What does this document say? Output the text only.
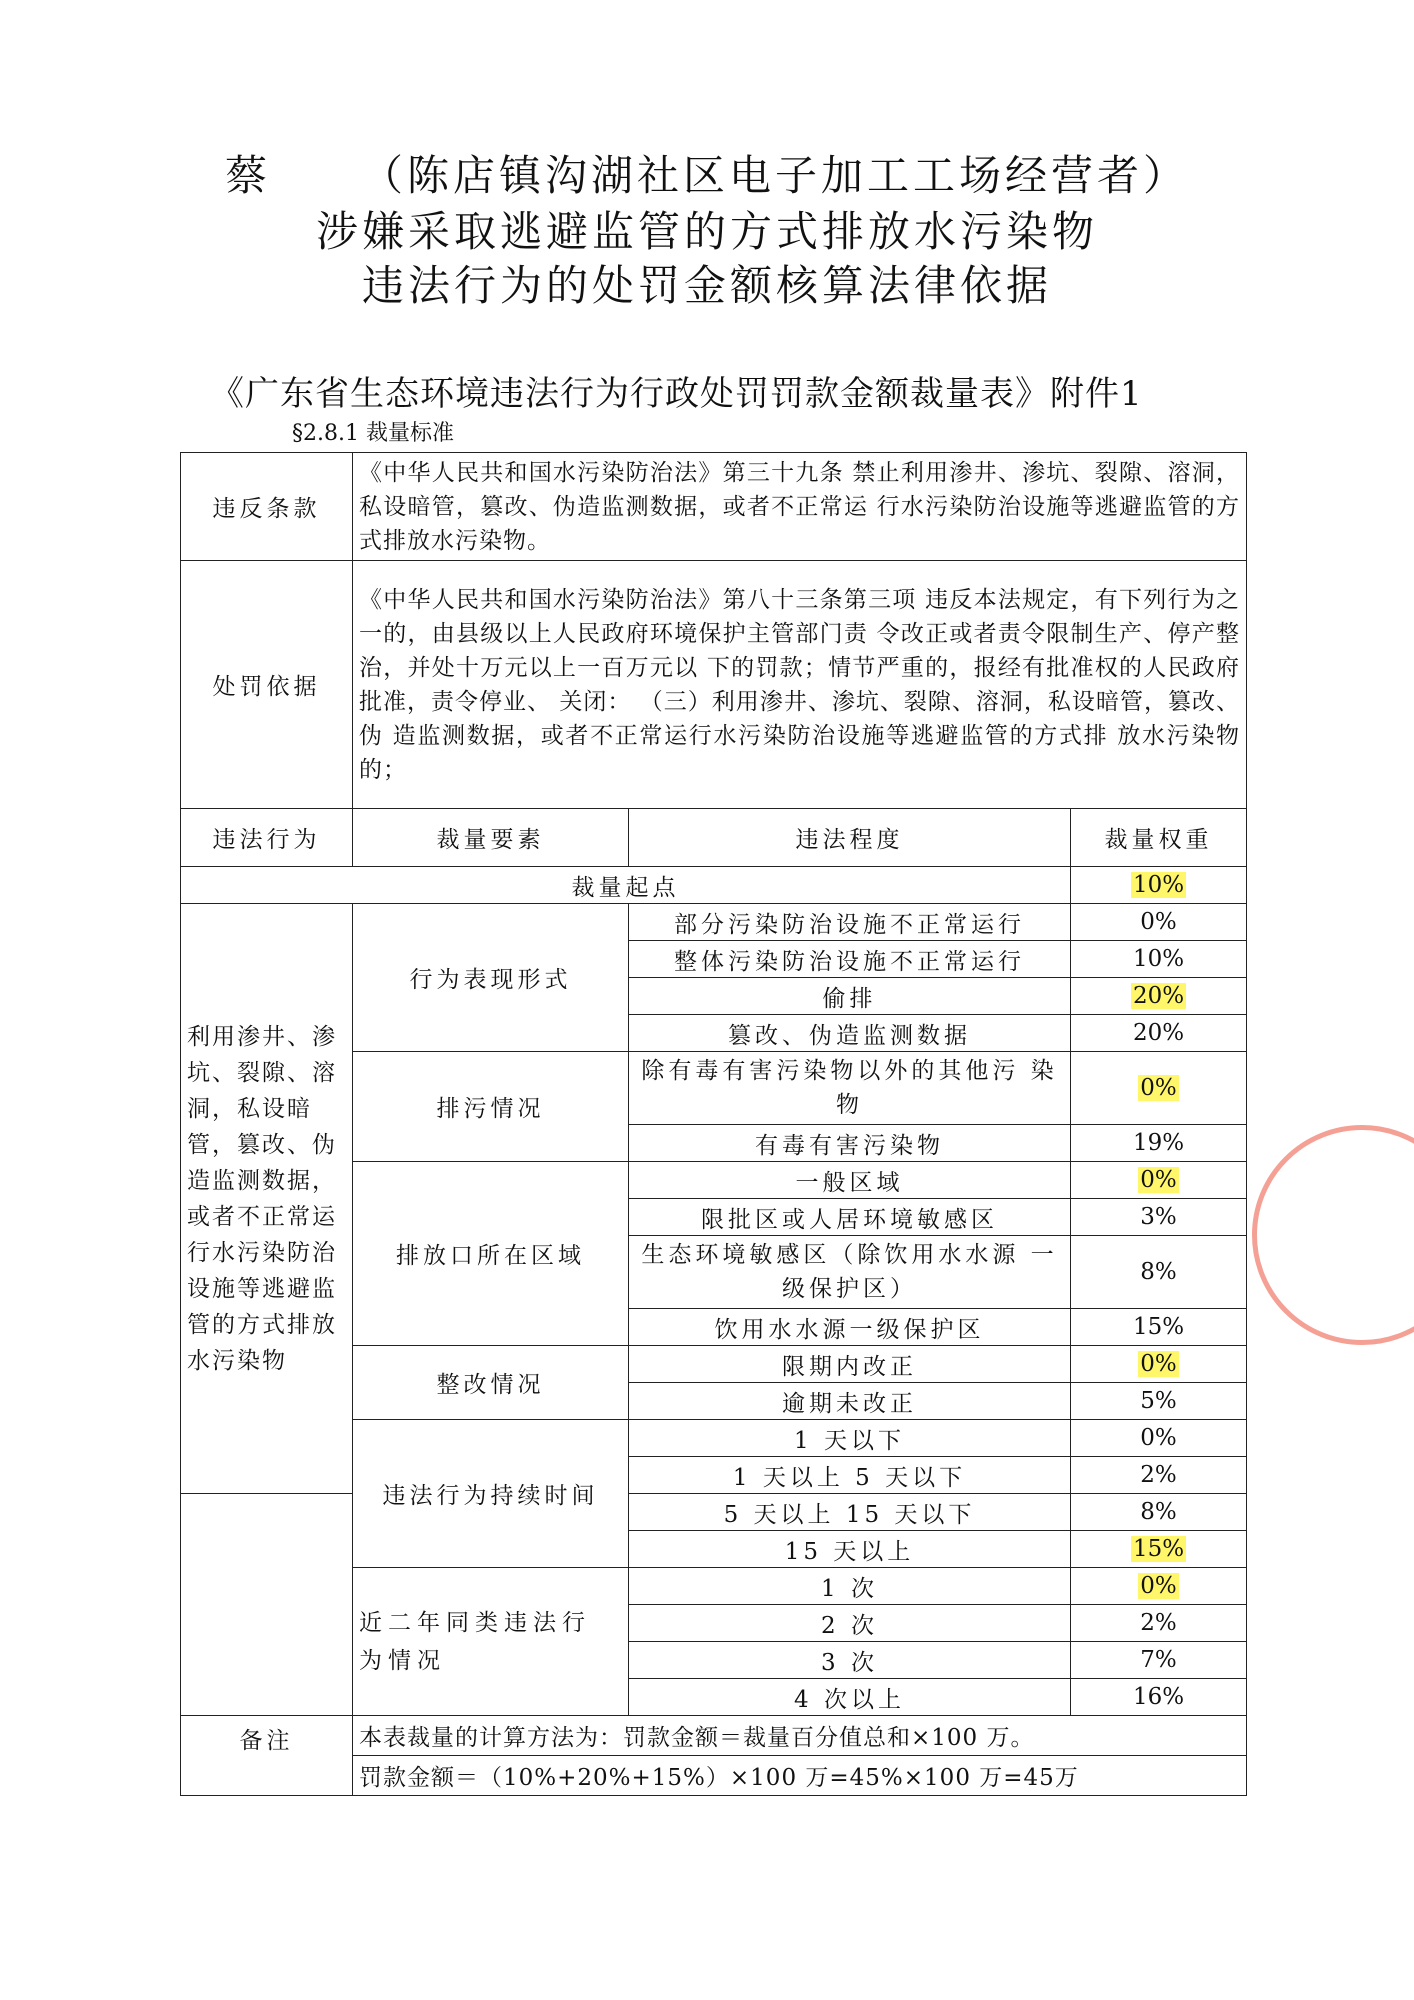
蔡 （陈店镇沟湖社区电子加工工场经营者）
涉嫌采取逃避监管的方式排放水污染物
违法行为的处罚金额核算法律依据
《广东省生态环境违法行为行政处罚罚款金额裁量表》附件1
§2.8.1 裁量标准
违反条款	《中华人民共和国水污染防治法》第三十九条 禁止利用渗井、渗坑、裂隙、溶洞，私设暗管，篡改、伪造监测数据，或者不正常运 行水污染防治设施等逃避监管的方式排放水污染物。		
处罚依据	《中华人民共和国水污染防治法》第八十三条第三项 违反本法规定，有下列行为之一的，由县级以上人民政府环境保护主管部门责 令改正或者责令限制生产、停产整治，并处十万元以上一百万元以 下的罚款；情节严重的，报经有批准权的人民政府批准，责令停业、 关闭： （三）利用渗井、渗坑、裂隙、溶洞，私设暗管，篡改、伪 造监测数据，或者不正常运行水污染防治设施等逃避监管的方式排 放水污染物的；		
违法行为	裁量要素	违法程度	裁量权重
裁量起点			10%
利用渗井、渗坑、裂隙、溶洞，私设暗管，篡改、伪造监测数据，或者不正常运行水污染防治设施等逃避监管的方式排放水污染物	行为表现形式	部分污染防治设施不正常运行	0%
		整体污染防治设施不正常运行	10%
		偷排	20%
		篡改、伪造监测数据	20%
	排污情况	除有毒有害污染物以外的其他污 染物	0%
		有毒有害污染物	19%
	排放口所在区域	一般区域	0%
		限批区或人居环境敏感区	3%
		生态环境敏感区（除饮用水水源 一级保护区）	8%
		饮用水水源一级保护区	15%
	整改情况	限期内改正	0%
		逾期未改正	5%
	违法行为持续时间	1 天以下	0%
		1 天以上 5 天以下	2%
		5 天以上 15 天以下	8%
		15 天以上	15%
	近二年同类违法行 为情况	1 次	0%
		2 次	2%
		3 次	7%
		4 次以上	16%
备注	本表裁量的计算方法为：罚款金额＝裁量百分值总和×100 万。		
	罚款金额＝（10%+20%+15%）×100 万=45%×100 万=45万		
